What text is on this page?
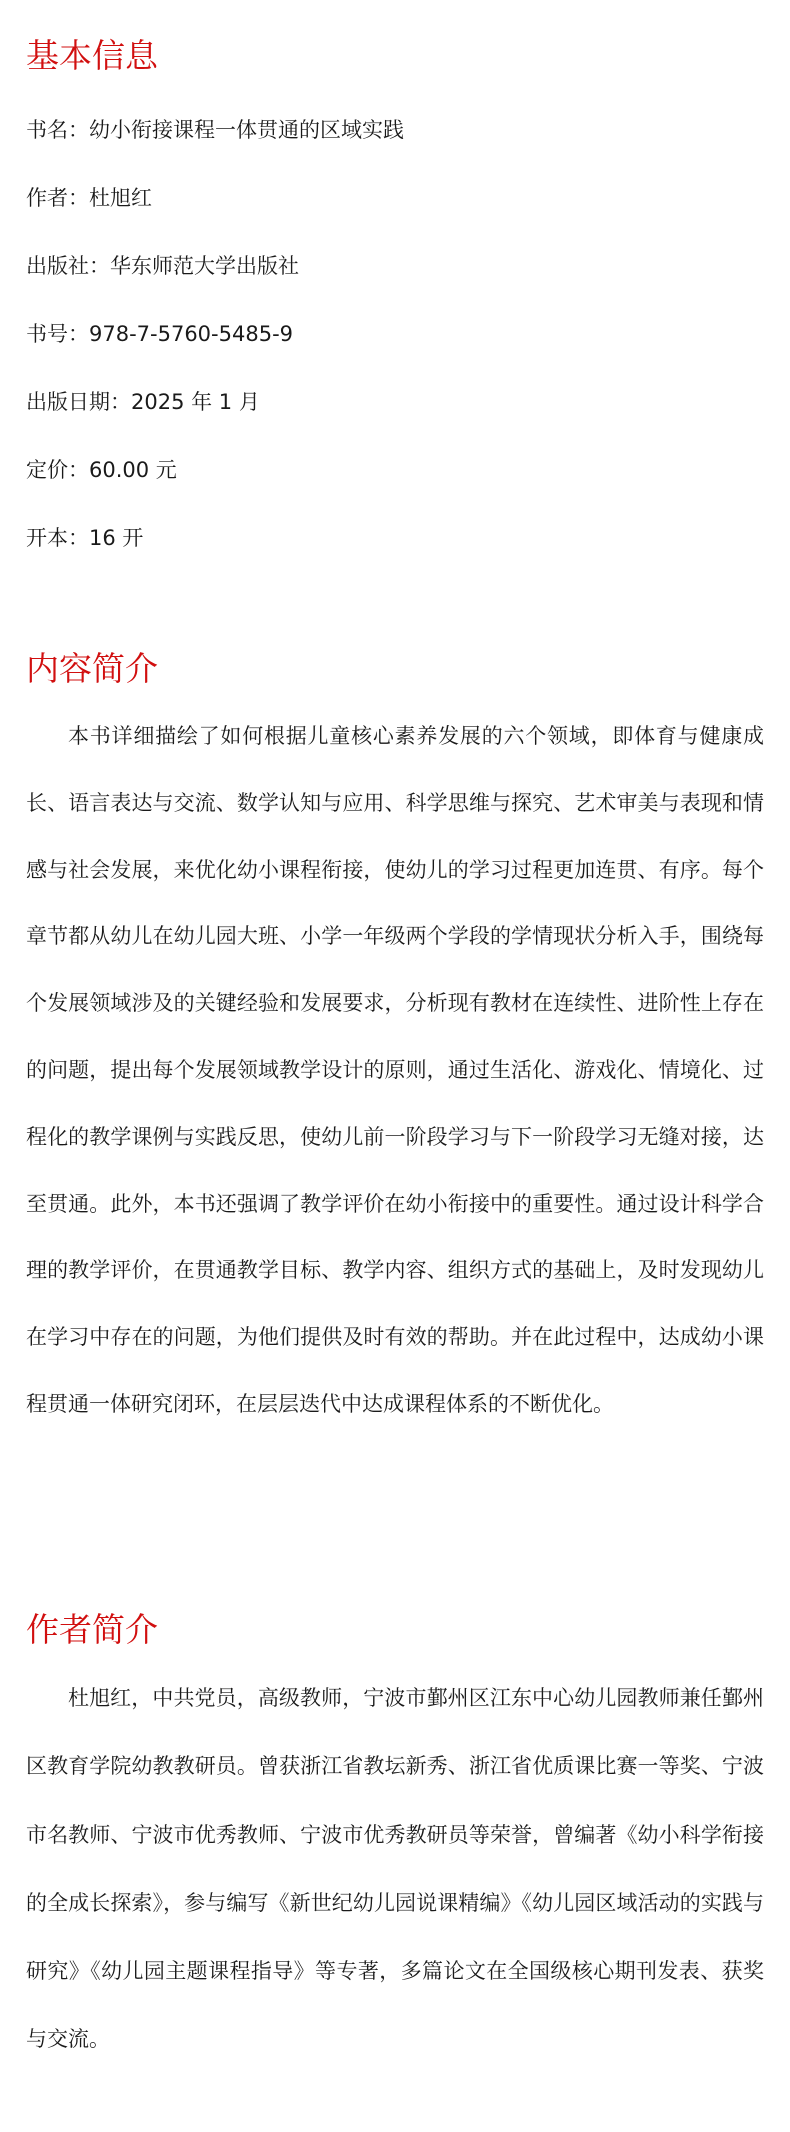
基本信息

书名：幼小衔接课程一体贯通的区域实践

作者：杜旭红

出版社：华东师范大学出版社

书号：978-7-5760-5485-9

出版日期：2025 年 1 月

定价：60.00 元

开本：16 开

内容简介

本书详细描绘了如何根据儿童核心素养发展的六个领域，即体育与健康成长、语言表达与交流、数学认知与应用、科学思维与探究、艺术审美与表现和情感与社会发展，来优化幼小课程衔接，使幼儿的学习过程更加连贯、有序。每个章节都从幼儿在幼儿园大班、小学一年级两个学段的学情现状分析入手，围绕每个发展领域涉及的关键经验和发展要求，分析现有教材在连续性、进阶性上存在的问题，提出每个发展领域教学设计的原则，通过生活化、游戏化、情境化、过程化的教学课例与实践反思，使幼儿前一阶段学习与下一阶段学习无缝对接，达至贯通。此外，本书还强调了教学评价在幼小衔接中的重要性。通过设计科学合理的教学评价，在贯通教学目标、教学内容、组织方式的基础上，及时发现幼儿在学习中存在的问题，为他们提供及时有效的帮助。并在此过程中，达成幼小课程贯通一体研究闭环，在层层迭代中达成课程体系的不断优化。

作者简介

杜旭红，中共党员，高级教师，宁波市鄞州区江东中心幼儿园教师兼任鄞州区教育学院幼教教研员。曾获浙江省教坛新秀、浙江省优质课比赛一等奖、宁波市名教师、宁波市优秀教师、宁波市优秀教研员等荣誉，曾编著《幼小科学衔接的全成长探索》，参与编写《新世纪幼儿园说课精编》《幼儿园区域活动的实践与研究》《幼儿园主题课程指导》等专著，多篇论文在全国级核心期刊发表、获奖与交流。
